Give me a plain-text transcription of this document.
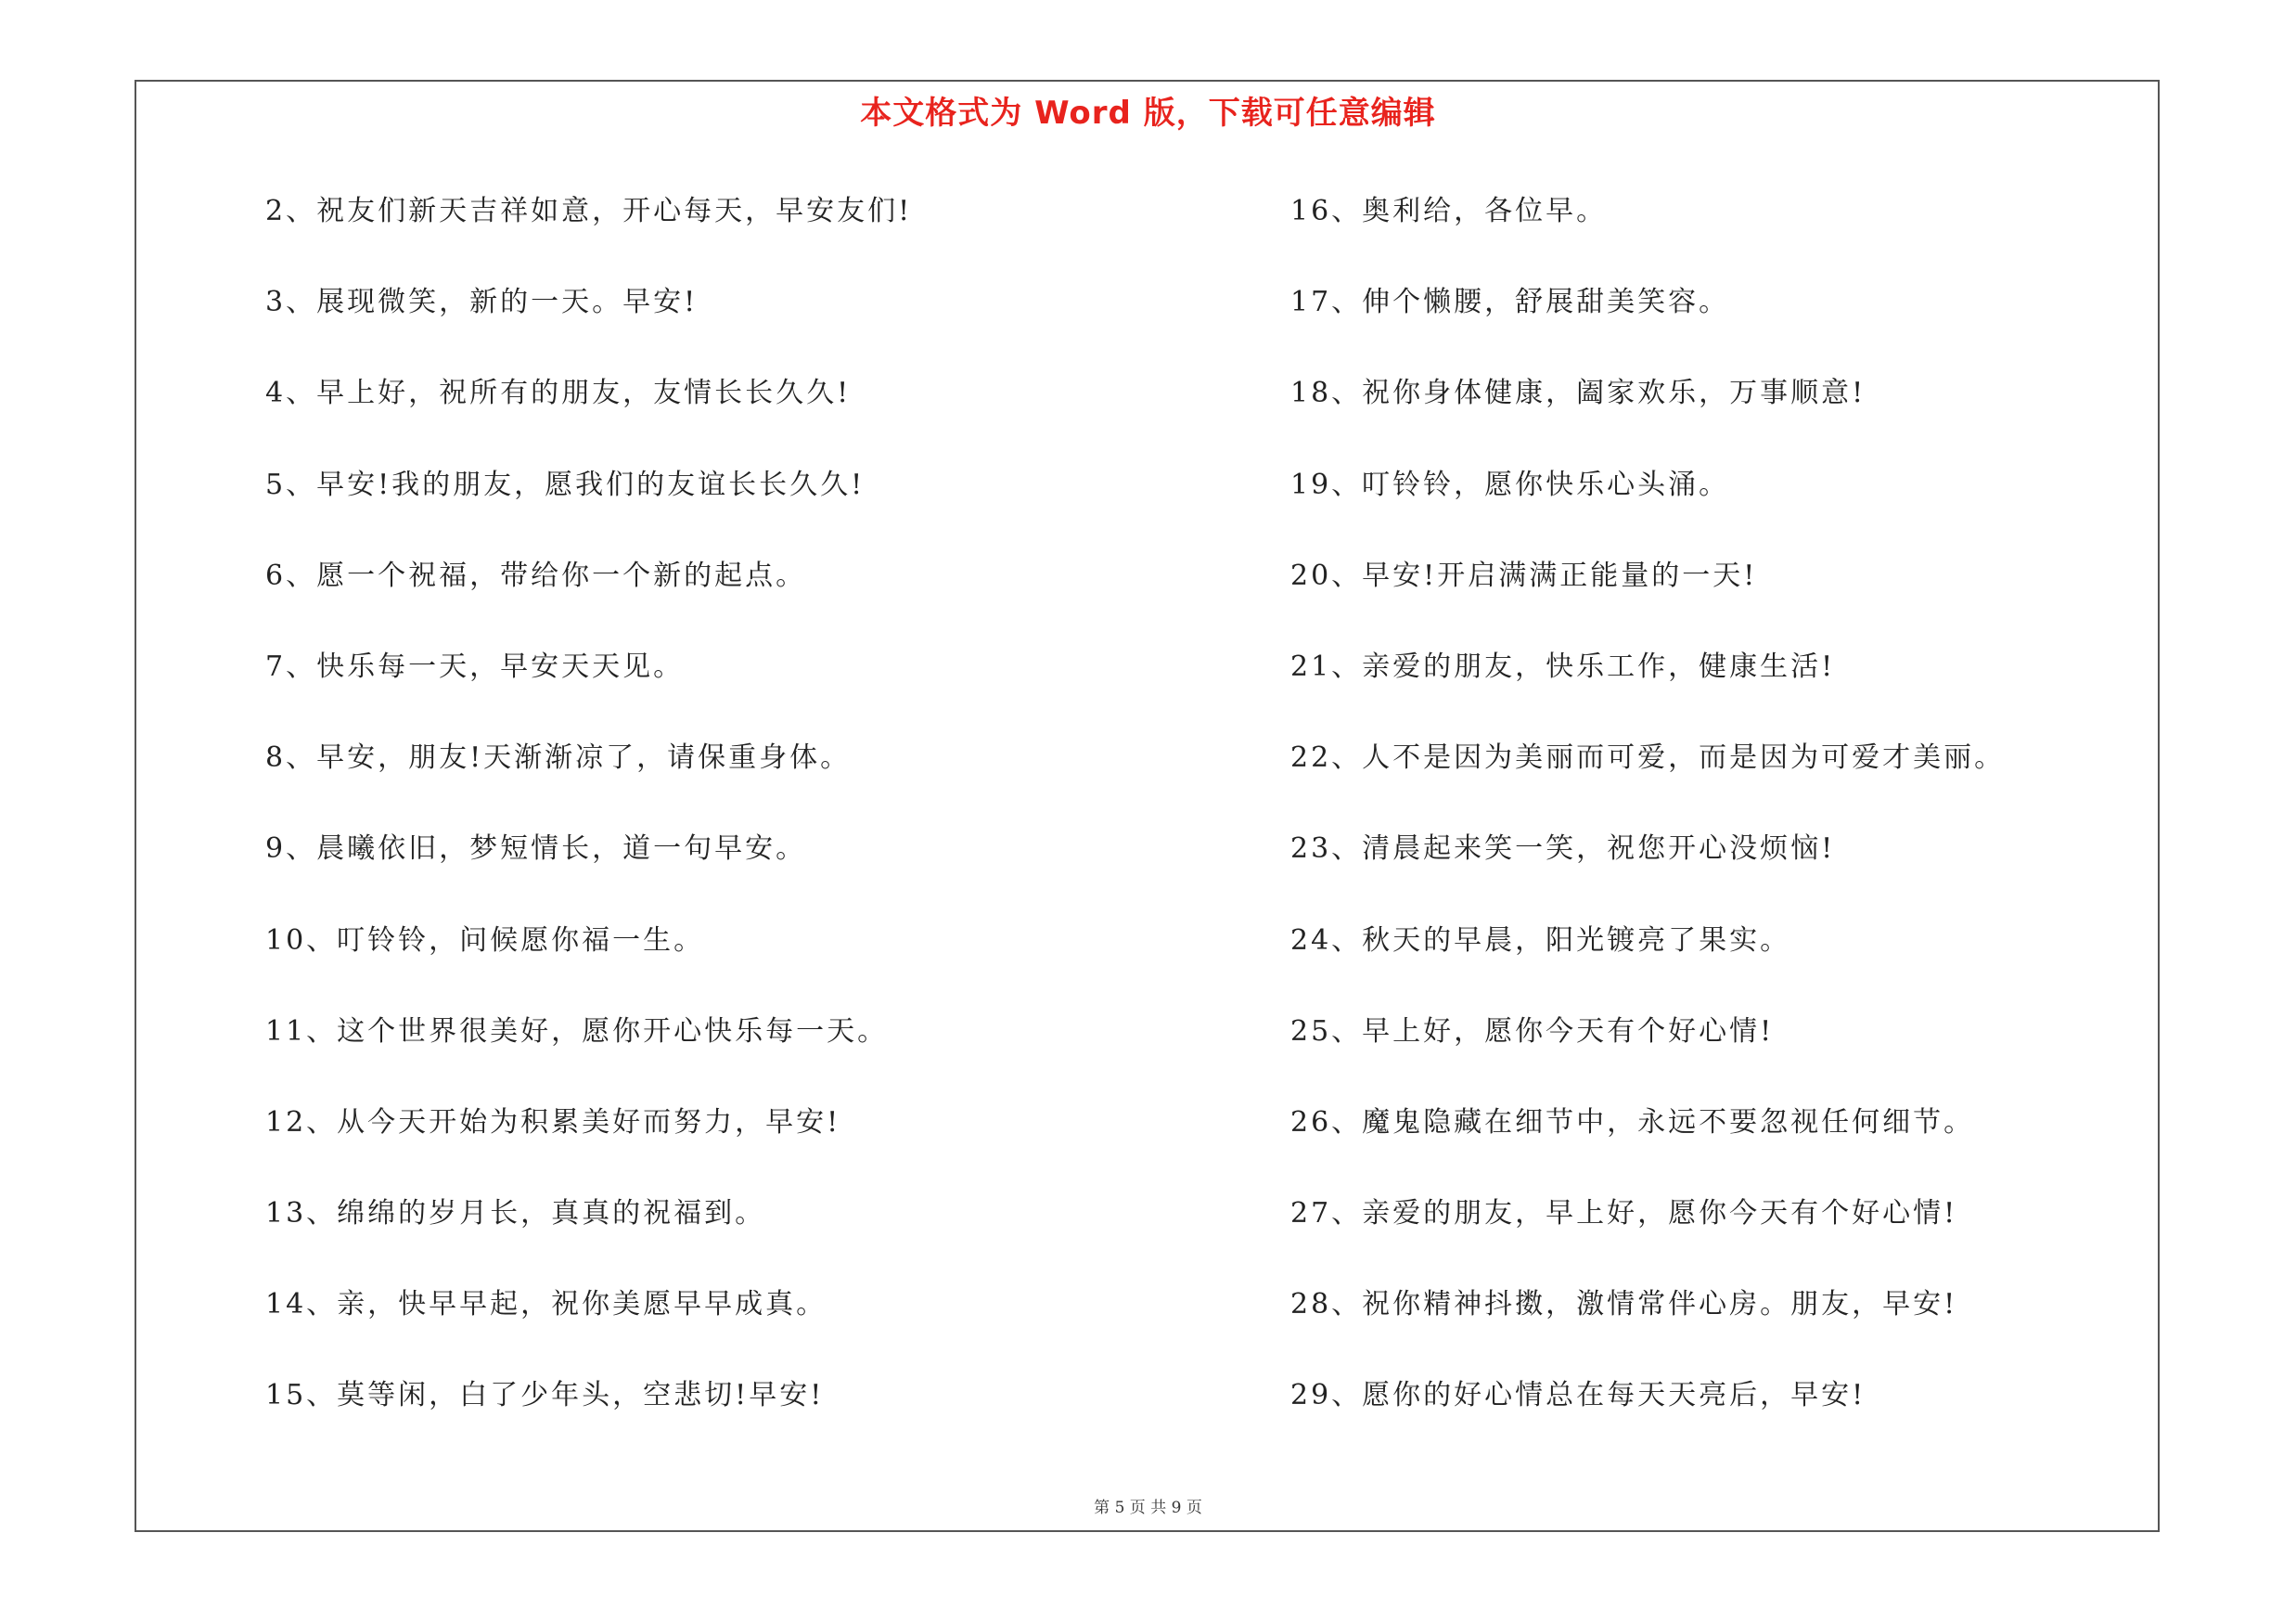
本文格式为 Word 版，下载可任意编辑
2、祝友们新天吉祥如意，开心每天，早安友们!
3、展现微笑，新的一天。早安!
4、早上好，祝所有的朋友，友情长长久久!
5、早安!我的朋友，愿我们的友谊长长久久!
6、愿一个祝福，带给你一个新的起点。
7、快乐每一天，早安天天见。
8、早安，朋友!天渐渐凉了，请保重身体。
9、晨曦依旧，梦短情长，道一句早安。
10、叮铃铃，问候愿你福一生。
11、这个世界很美好，愿你开心快乐每一天。
12、从今天开始为积累美好而努力，早安!
13、绵绵的岁月长，真真的祝福到。
14、亲，快早早起，祝你美愿早早成真。
15、莫等闲，白了少年头，空悲切!早安!
16、奥利给，各位早。
17、伸个懒腰，舒展甜美笑容。
18、祝你身体健康，阖家欢乐，万事顺意!
19、叮铃铃，愿你快乐心头涌。
20、早安!开启满满正能量的一天!
21、亲爱的朋友，快乐工作，健康生活!
22、人不是因为美丽而可爱，而是因为可爱才美丽。
23、清晨起来笑一笑，祝您开心没烦恼!
24、秋天的早晨，阳光镀亮了果实。
25、早上好，愿你今天有个好心情!
26、魔鬼隐藏在细节中，永远不要忽视任何细节。
27、亲爱的朋友，早上好，愿你今天有个好心情!
28、祝你精神抖擞，激情常伴心房。朋友，早安!
29、愿你的好心情总在每天天亮后，早安!
第 5 页 共 9 页
